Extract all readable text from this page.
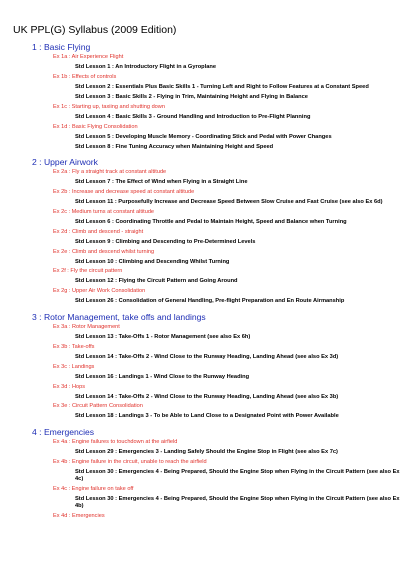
UK PPL(G) Syllabus (2009 Edition)
1 : Basic Flying
Ex 1a : Air Experience Flight
Std Lesson 1 : An Introductory Flight in a Gyroplane
Ex 1b : Effects of controls
Std Lesson 2 : Essentials Plus Basic Skills 1 - Turning Left and Right to Follow Features at a Constant Speed
Std Lesson 3 : Basic Skills 2 - Flying in Trim, Maintaining Height and Flying in Balance
Ex 1c : Starting up, taxiing and shutting down
Std Lesson 4 : Basic Skills 3 - Ground Handling and Introduction to Pre-Flight Planning
Ex 1d : Basic Flying Consolidation
Std Lesson 5 : Developing Muscle Memory - Coordinating Stick and Pedal with Power Changes
Std Lesson 8 : Fine Tuning Accuracy when Maintaining Height and Speed
2 : Upper Airwork
Ex 2a : Fly a straight track at constant altitude
Std Lesson 7 : The Effect of Wind when Flying in a Straight Line
Ex 2b : Increase and decrease speed at constant altitude
Std Lesson 11 : Purposefully Increase and Decrease Speed Between Slow Cruise and Fast Cruise (see also Ex 6d)
Ex 2c : Medium turns at constant altitude
Std Lesson 6 : Coordinating Throttle and Pedal to Maintain Height, Speed and Balance when Turning
Ex 2d : Climb and descend - straight
Std Lesson 9 : Climbing and Descending to Pre-Determined Levels
Ex 2e : Climb and descend whilst turning
Std Lesson 10 : Climbing and Descending Whilst Turning
Ex 2f : Fly the circuit pattern
Std Lesson 12 : Flying the Circuit Pattern and Going Around
Ex 2g : Upper Air Work Consolidation
Std Lesson 26 : Consolidation of General Handling, Pre-flight Preparation and En Route Airmanship
3 : Rotor Management, take offs and landings
Ex 3a : Rotor Management
Std Lesson 13 : Take-Offs 1 - Rotor Management (see also Ex 6h)
Ex 3b : Take-offs
Std Lesson 14 : Take-Offs 2 - Wind Close to the Runway Heading, Landing Ahead (see also Ex 3d)
Ex 3c : Landings
Std Lesson 16 : Landings 1 - Wind Close to the Runway Heading
Ex 3d : Hops
Std Lesson 14 : Take-Offs 2 - Wind Close to the Runway Heading, Landing Ahead (see also Ex 3b)
Ex 3e : Circuit Pattern Consolidation
Std Lesson 18 : Landings 3 - To be Able to Land Close to a Designated Point with Power Available
4 : Emergencies
Ex 4a : Engine failures to touchdown at the airfield
Std Lesson 29 : Emergencies 3 - Landing Safely Should the Engine Stop in Flight (see also Ex 7c)
Ex 4b : Engine failure in the circuit, unable to reach the airfield
Std Lesson 30 : Emergencies 4 - Being Prepared, Should the Engine Stop when Flying in the Circuit Pattern (see also Ex 4c)
Ex 4c : Engine failure on take off
Std Lesson 30 : Emergencies 4 - Being Prepared, Should the Engine Stop when Flying in the Circuit Pattern (see also Ex 4b)
Ex 4d : Emergencies
